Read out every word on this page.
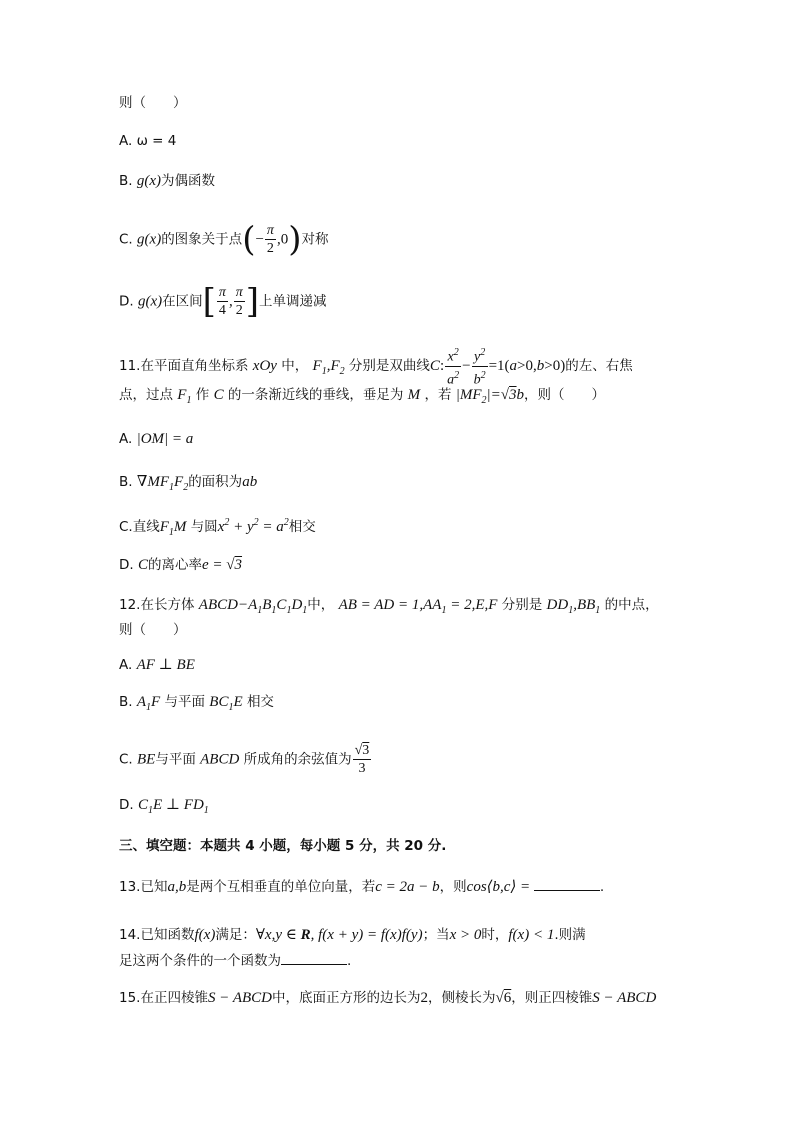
则（　　）
A. ω = 4
B. g(x)为偶函数
C. g(x)的图象关于点(− $\frac{\pi}{2} ,0$)对称
D. g(x)在区间[ $\frac{\pi}{4}$ , $\frac{\pi}{2}$ ]上单调递减
11.在平面直角坐标系 xOy 中， $F_1,F_2$ 分别是双曲线C: $\frac{x^2}{a^2} - \frac{y^2}{b^2} =1(a>0,b>0)$的左、右焦
点，过点 $F_1$ 作 C 的一条渐近线的垂线，垂足为 M ，若 $|MF_2|=√3b$，则（　　）
A. |OM| = a
B. $\nabla MF_1F_2$的面积为ab
C.直线$F_1M$ 与圆$x^2 + y^2 = a^2$相交
D. C的离心率e = √3
12.在长方体 $ABCD-A_1B_1C_1D_1$中， AB = AD = $1,AA_1 = 2,E,F$ 分别是 $DD_1,BB_1$ 的中点，
则（　　）
A. AF ⊥ BE
B. $A_1F$ 与平面 $BC_1E$ 相交
C. BE与平面 ABCD 所成角的余弦值为 $\frac{√3}{3}$
D. $C_1E$ ⊥ $FD_1$
三、填空题：本题共 4 小题，每小题 5 分，共 20 分.
13.已知a,b是两个互相垂直的单位向量，若c = 2a − b，则cos⟨b,c⟩ =	.
14.已知函数f(x)满足：∀x,y ∈ R, f(x + y) = f(x)f(y)；当x > 0时，f(x) < 1.则满
足这两个条件的一个函数为	.
15.在正四棱锥S − ABCD中，底面正方形的边长为2，侧棱长为√6，则正四棱锥S − ABCD
